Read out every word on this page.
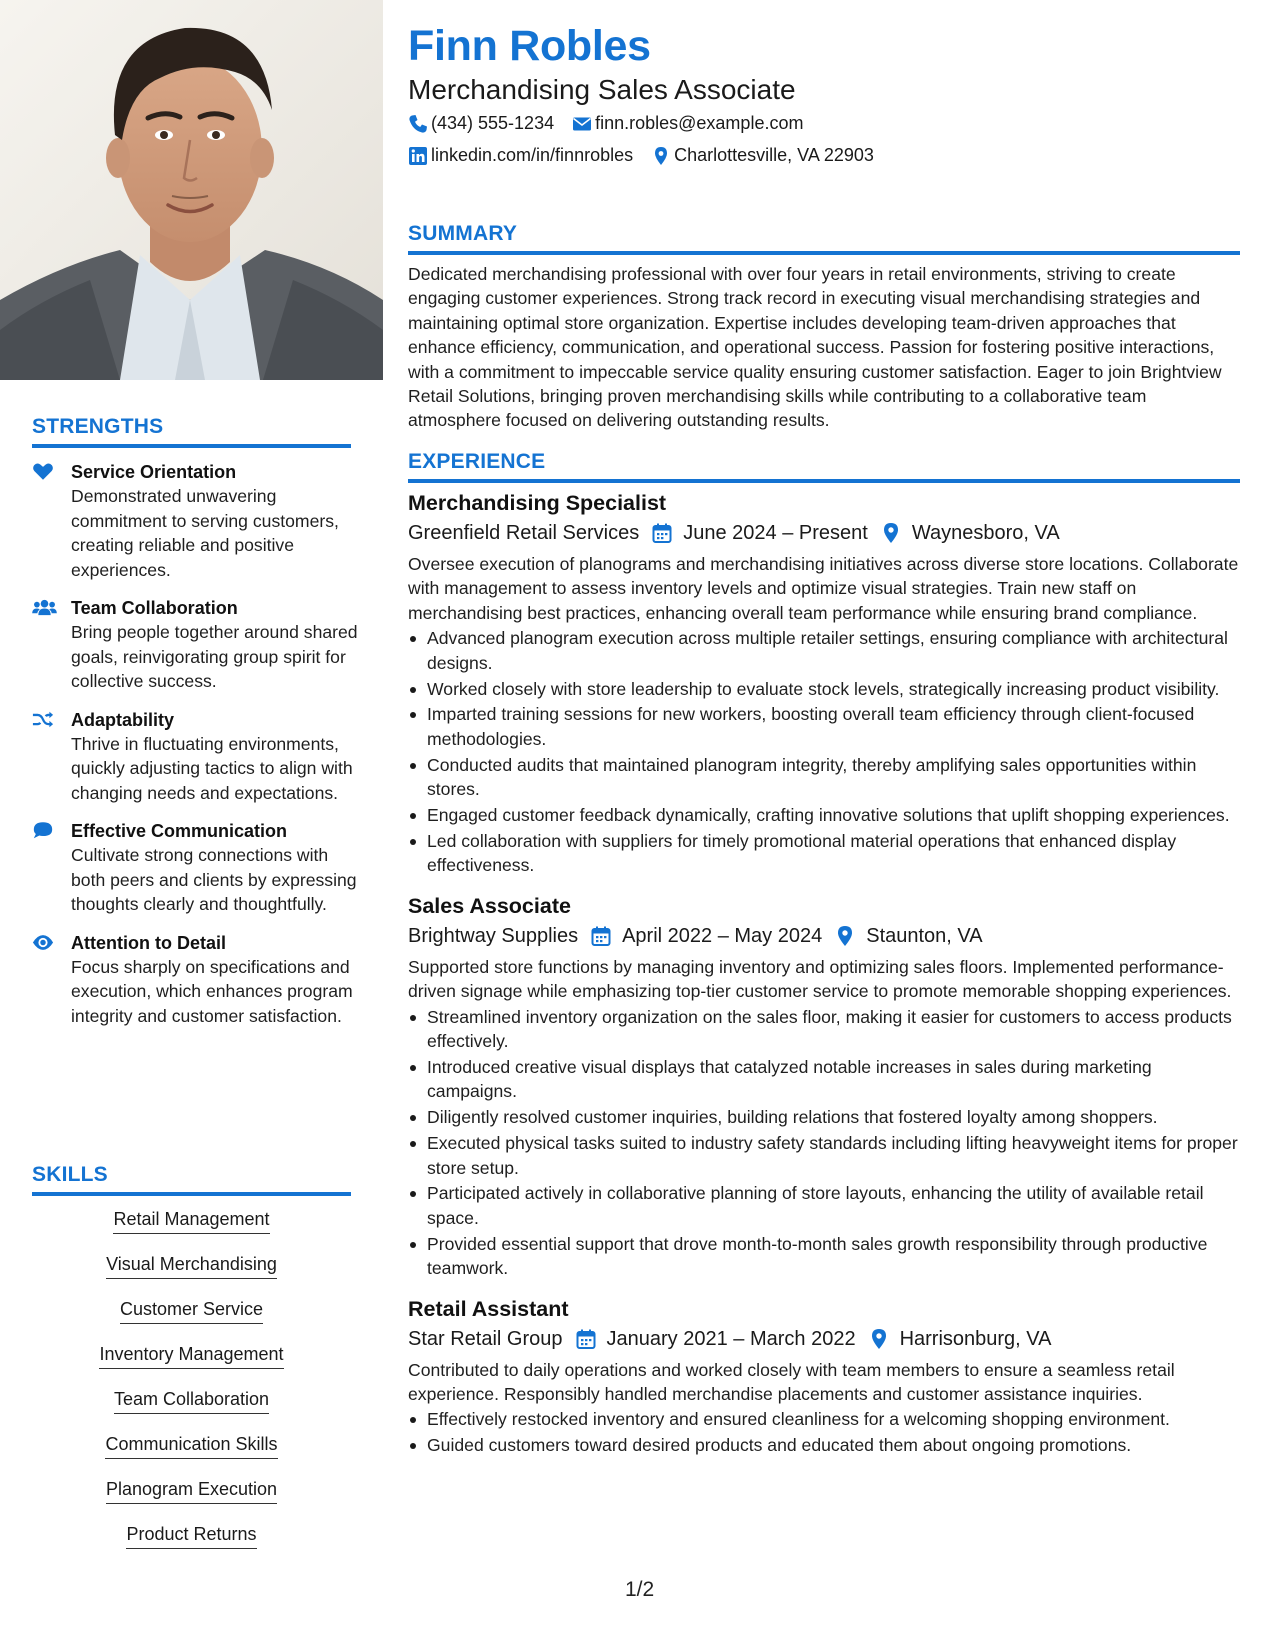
STRENGTHS
Service Orientation
Demonstrated unwavering commitment to serving customers, creating reliable and positive experiences.
Team Collaboration
Bring people together around shared goals, reinvigorating group spirit for collective success.
Adaptability
Thrive in fluctuating environments, quickly adjusting tactics to align with changing needs and expectations.
Effective Communication
Cultivate strong connections with both peers and clients by expressing thoughts clearly and thoughtfully.
Attention to Detail
Focus sharply on specifications and execution, which enhances program integrity and customer satisfaction.
SKILLS
Retail Management
Visual Merchandising
Customer Service
Inventory Management
Team Collaboration
Communication Skills
Planogram Execution
Product Returns
Finn Robles
Merchandising Sales Associate
(434) 555-1234 finn.robles@example.com
linkedin.com/in/finnrobles Charlottesville, VA 22903
SUMMARY
Dedicated merchandising professional with over four years in retail environments, striving to create engaging customer experiences. Strong track record in executing visual merchandising strategies and maintaining optimal store organization. Expertise includes developing team-driven approaches that enhance efficiency, communication, and operational success. Passion for fostering positive interactions, with a commitment to impeccable service quality ensuring customer satisfaction. Eager to join Brightview Retail Solutions, bringing proven merchandising skills while contributing to a collaborative team atmosphere focused on delivering outstanding results.
EXPERIENCE
Merchandising Specialist
Greenfield Retail Services June 2024 – Present Waynesboro, VA
Oversee execution of planograms and merchandising initiatives across diverse store locations. Collaborate with management to assess inventory levels and optimize visual strategies. Train new staff on merchandising best practices, enhancing overall team performance while ensuring brand compliance.
Advanced planogram execution across multiple retailer settings, ensuring compliance with architectural designs.
Worked closely with store leadership to evaluate stock levels, strategically increasing product visibility.
Imparted training sessions for new workers, boosting overall team efficiency through client-focused methodologies.
Conducted audits that maintained planogram integrity, thereby amplifying sales opportunities within stores.
Engaged customer feedback dynamically, crafting innovative solutions that uplift shopping experiences.
Led collaboration with suppliers for timely promotional material operations that enhanced display effectiveness.
Sales Associate
Brightway Supplies April 2022 – May 2024 Staunton, VA
Supported store functions by managing inventory and optimizing sales floors. Implemented performance-driven signage while emphasizing top-tier customer service to promote memorable shopping experiences.
Streamlined inventory organization on the sales floor, making it easier for customers to access products effectively.
Introduced creative visual displays that catalyzed notable increases in sales during marketing campaigns.
Diligently resolved customer inquiries, building relations that fostered loyalty among shoppers.
Executed physical tasks suited to industry safety standards including lifting heavyweight items for proper store setup.
Participated actively in collaborative planning of store layouts, enhancing the utility of available retail space.
Provided essential support that drove month-to-month sales growth responsibility through productive teamwork.
Retail Assistant
Star Retail Group January 2021 – March 2022 Harrisonburg, VA
Contributed to daily operations and worked closely with team members to ensure a seamless retail experience. Responsibly handled merchandise placements and customer assistance inquiries.
Effectively restocked inventory and ensured cleanliness for a welcoming shopping environment.
Guided customers toward desired products and educated them about ongoing promotions.
1/2
